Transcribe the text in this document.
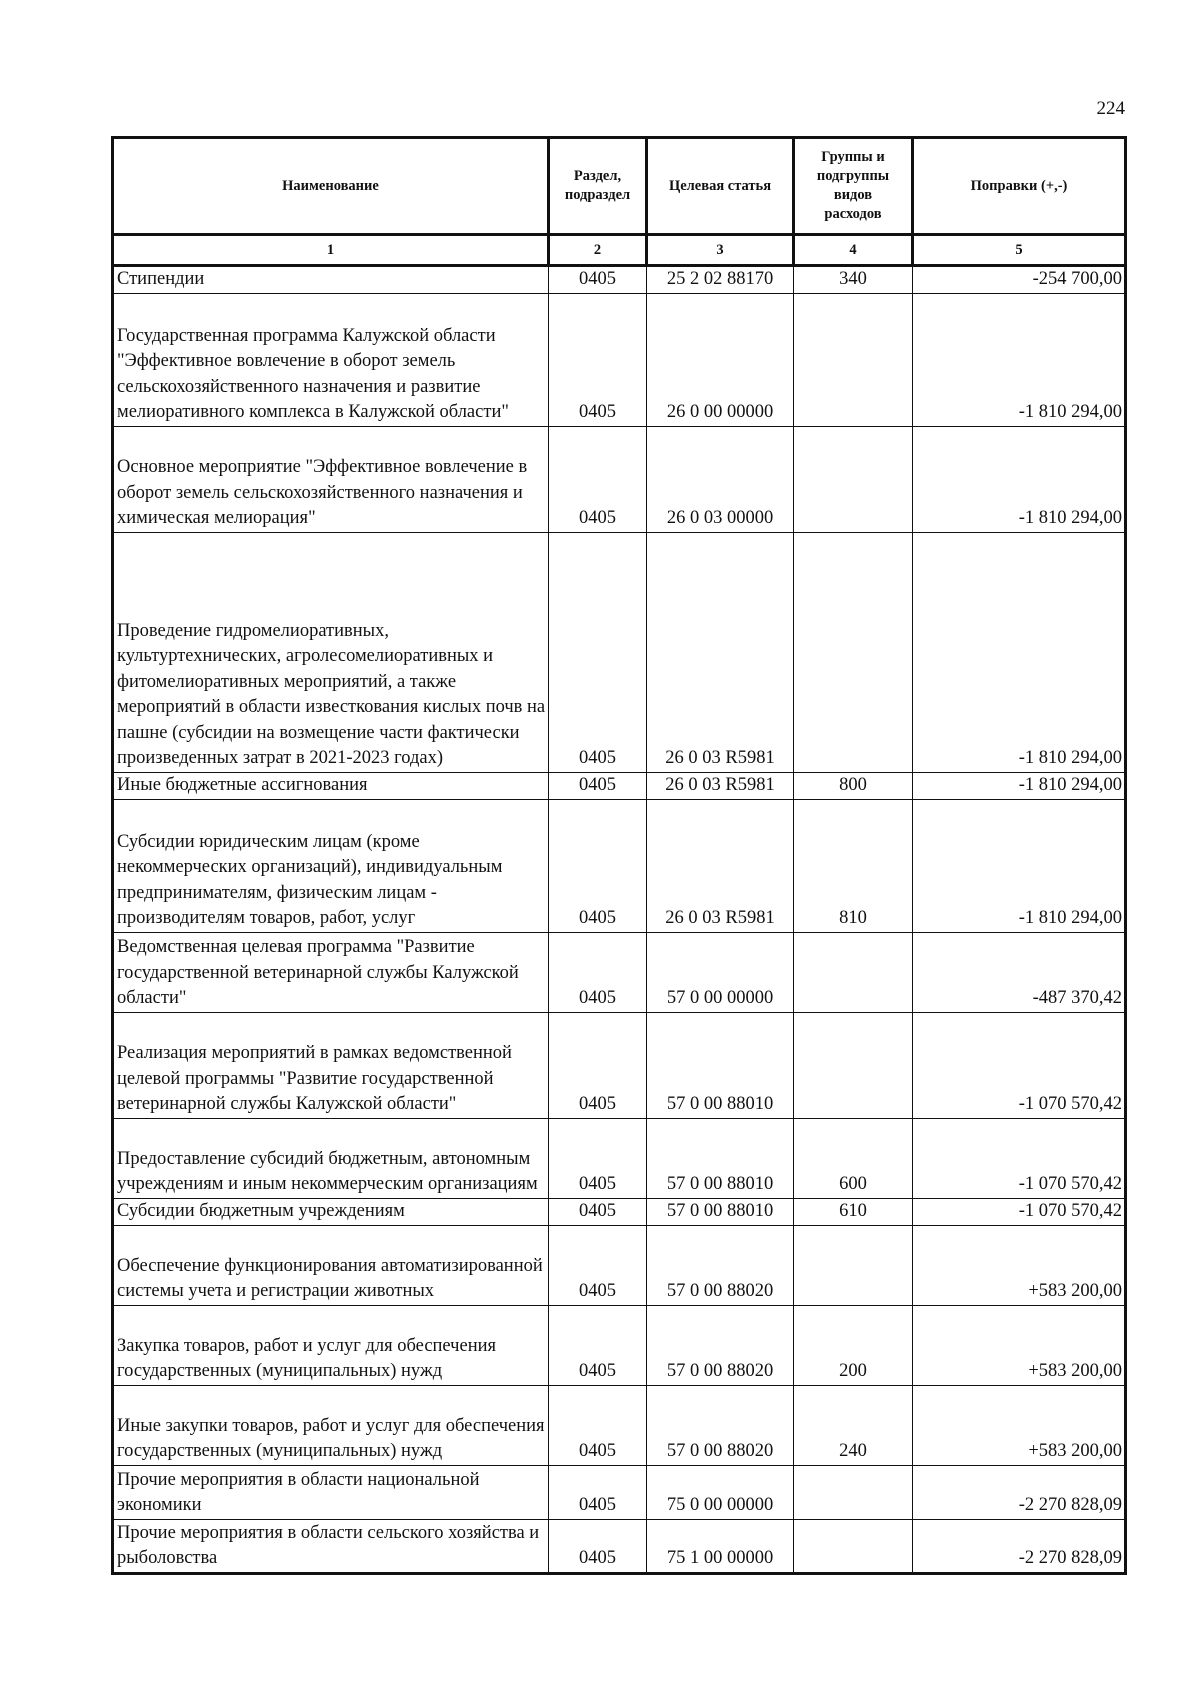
224
Наименование	Раздел, подраздел	Целевая статья	Группы и подгруппы видов расходов	Поправки (+,-)
1	2	3	4	5
Стипендии	0405	25 2 02 88170	340	-254 700,00
Государственная программа Калужской области "Эффективное вовлечение в оборот земель сельскохозяйственного назначения и развитие мелиоративного комплекса в Калужской области"	0405	26 0 00 00000		-1 810 294,00
Основное мероприятие "Эффективное вовлечение в оборот земель сельскохозяйственного назначения и химическая мелиорация"	0405	26 0 03 00000		-1 810 294,00
Проведение гидромелиоративных, культуртехнических, агролесомелиоративных и фитомелиоративных мероприятий, а также мероприятий в области известкования кислых почв на пашне (субсидии на возмещение части фактически произведенных затрат в 2021-2023 годах)	0405	26 0 03 R5981		-1 810 294,00
Иные бюджетные ассигнования	0405	26 0 03 R5981	800	-1 810 294,00
Субсидии юридическим лицам (кроме некоммерческих организаций), индивидуальным предпринимателям, физическим лицам - производителям товаров, работ, услуг	0405	26 0 03 R5981	810	-1 810 294,00
Ведомственная целевая программа "Развитие государственной ветеринарной службы Калужской области"	0405	57 0 00 00000		-487 370,42
Реализация мероприятий в рамках ведомственной целевой программы "Развитие государственной ветеринарной службы Калужской области"	0405	57 0 00 88010		-1 070 570,42
Предоставление субсидий бюджетным, автономным учреждениям и иным некоммерческим организациям	0405	57 0 00 88010	600	-1 070 570,42
Субсидии бюджетным учреждениям	0405	57 0 00 88010	610	-1 070 570,42
Обеспечение функционирования автоматизированной системы учета и регистрации животных	0405	57 0 00 88020		+583 200,00
Закупка товаров, работ и услуг для обеспечения государственных (муниципальных) нужд	0405	57 0 00 88020	200	+583 200,00
Иные закупки товаров, работ и услуг для обеспечения государственных (муниципальных) нужд	0405	57 0 00 88020	240	+583 200,00
Прочие мероприятия в области национальной экономики	0405	75 0 00 00000		-2 270 828,09
Прочие мероприятия в области сельского хозяйства и рыболовства	0405	75 1 00 00000		-2 270 828,09
